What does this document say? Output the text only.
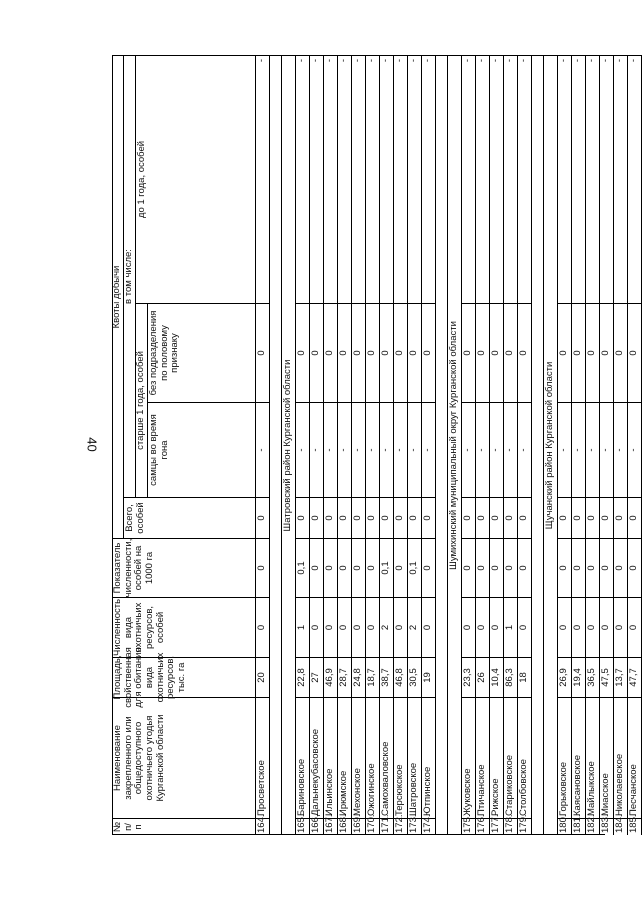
40
№ п/п
Наименование закрепленного или общедоступного охотничьего угодья Курганской области
Площадь, свойственная для обитания вида охотничьих ресурсов, тыс. га
Численность вида охотничьих ресурсов, особей
Показатель численности, особей на 1000 га
Квоты добычи
Всего, особей
в том числе:
старше 1 года, особей
самцы во время гона
без подразделения по половому признаку
до 1 года, особей
164.
Просветское
20
0
0
0
-
0
-
Шатровский район Курганской области
165.
Бариновское
22,8
1
0,1
0
-
0
-
166.
Дальнекубасовское
27
0
0
0
-
0
-
167.
Ильинское
46,9
0
0
0
-
0
-
168.
Ирюмское
28,7
0
0
0
-
0
-
169.
Мехонское
24,8
0
0
0
-
0
-
170.
Ожогинское
18,7
0
0
0
-
0
-
171.
Самохваловское
38,7
2
0,1
0
-
0
-
172.
Терсюкское
46,8
0
0
0
-
0
-
173.
Шатровское
30,5
2
0,1
0
-
0
-
174.
Ютпинское
19
0
0
0
-
0
-
Шумихинский муниципальный округ Курганской области
175.
Жуковское
23,3
0
0
0
-
0
-
176.
Птичанское
26
0
0
0
-
0
-
177.
Рижское
10,4
0
0
0
-
0
-
178.
Стариковское
86,3
1
0
0
-
0
-
179.
Столбовское
18
0
0
0
-
0
-
Щучанский район Курганской области
180.
Горьковское
26,9
0
0
0
-
0
-
181.
Каясановское
19,4
0
0
0
-
0
-
182.
Майлыкское
36,5
0
0
0
-
0
-
183.
Миасское
47,5
0
0
0
-
0
-
184.
Николаевское
13,7
0
0
0
-
0
-
185.
Песчанское
47,7
0
0
0
-
0
-
